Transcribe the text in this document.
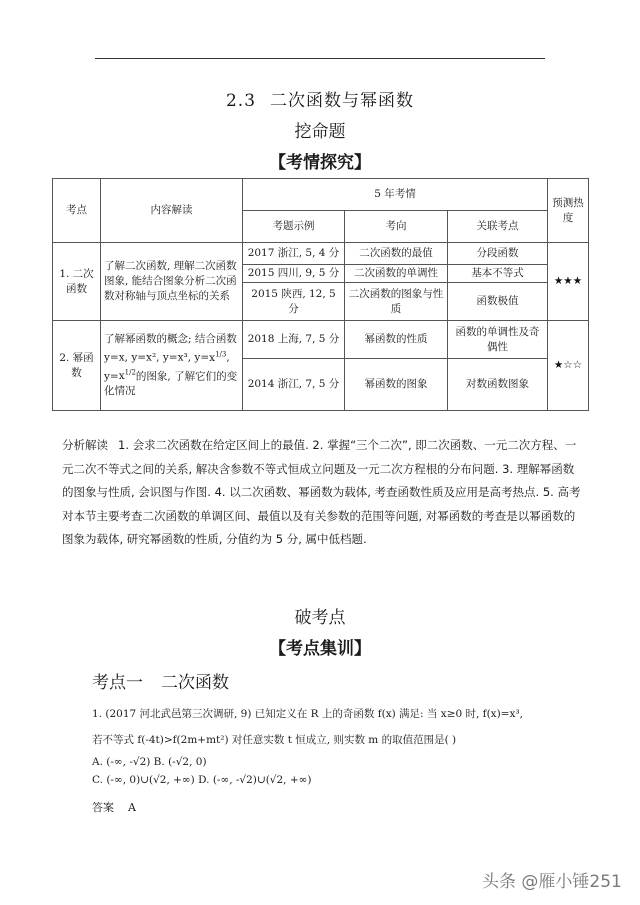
2.3 二次函数与幂函数
挖命题
【考情探究】
考点	内容解读	5 年考情			预测热度
		考题示例	考向	关联考点	
1. 二次函数	了解二次函数, 理解二次函数图象, 能结合图象分析二次函数对称轴与顶点坐标的关系	2017 浙江, 5, 4 分	二次函数的最值	分段函数	★★★
		2015 四川, 9, 5 分	二次函数的单调性	基本不等式	
		2015 陕西, 12, 5 分	二次函数的图象与性质	函数极值	
2. 幂函数	了解幂函数的概念; 结合函数 y=x, y=x², y=x³, $y=x^{1/3}$, $y=x^{1/2}$的图象, 了解它们的变化情况	2018 上海, 7, 5 分	幂函数的性质	函数的单调性及奇偶性	★☆☆
		2014 浙江, 7, 5 分	幂函数的图象	对数函数图象	
分析解读 1. 会求二次函数在给定区间上的最值. 2. 掌握“三个二次”, 即二次函数、一元二次方程、一元二次不等式之间的关系, 解决含参数不等式恒成立问题及一元二次方程根的分布问题. 3. 理解幂函数的图象与性质, 会识图与作图. 4. 以二次函数、幂函数为载体, 考查函数性质及应用是高考热点. 5. 高考对本节主要考查二次函数的单调区间、最值以及有关参数的范围等问题, 对幂函数的考查是以幂函数的图象为载体, 研究幂函数的性质, 分值约为 5 分, 属中低档题.
破考点
【考点集训】
考点一 二次函数
1. (2017 河北武邑第三次调研, 9) 已知定义在 R 上的奇函数 f(x) 满足: 当 x≥0 时, f(x)=x³,
若不等式 f(-4t)>f(2m+mt²) 对任意实数 t 恒成立, 则实数 m 的取值范围是( )
A. (-∞, -√2) B. (-√2, 0)
C. (-∞, 0)∪(√2, +∞) D. (-∞, -√2)∪(√2, +∞)
答案 A
头条 @雁小锤251
